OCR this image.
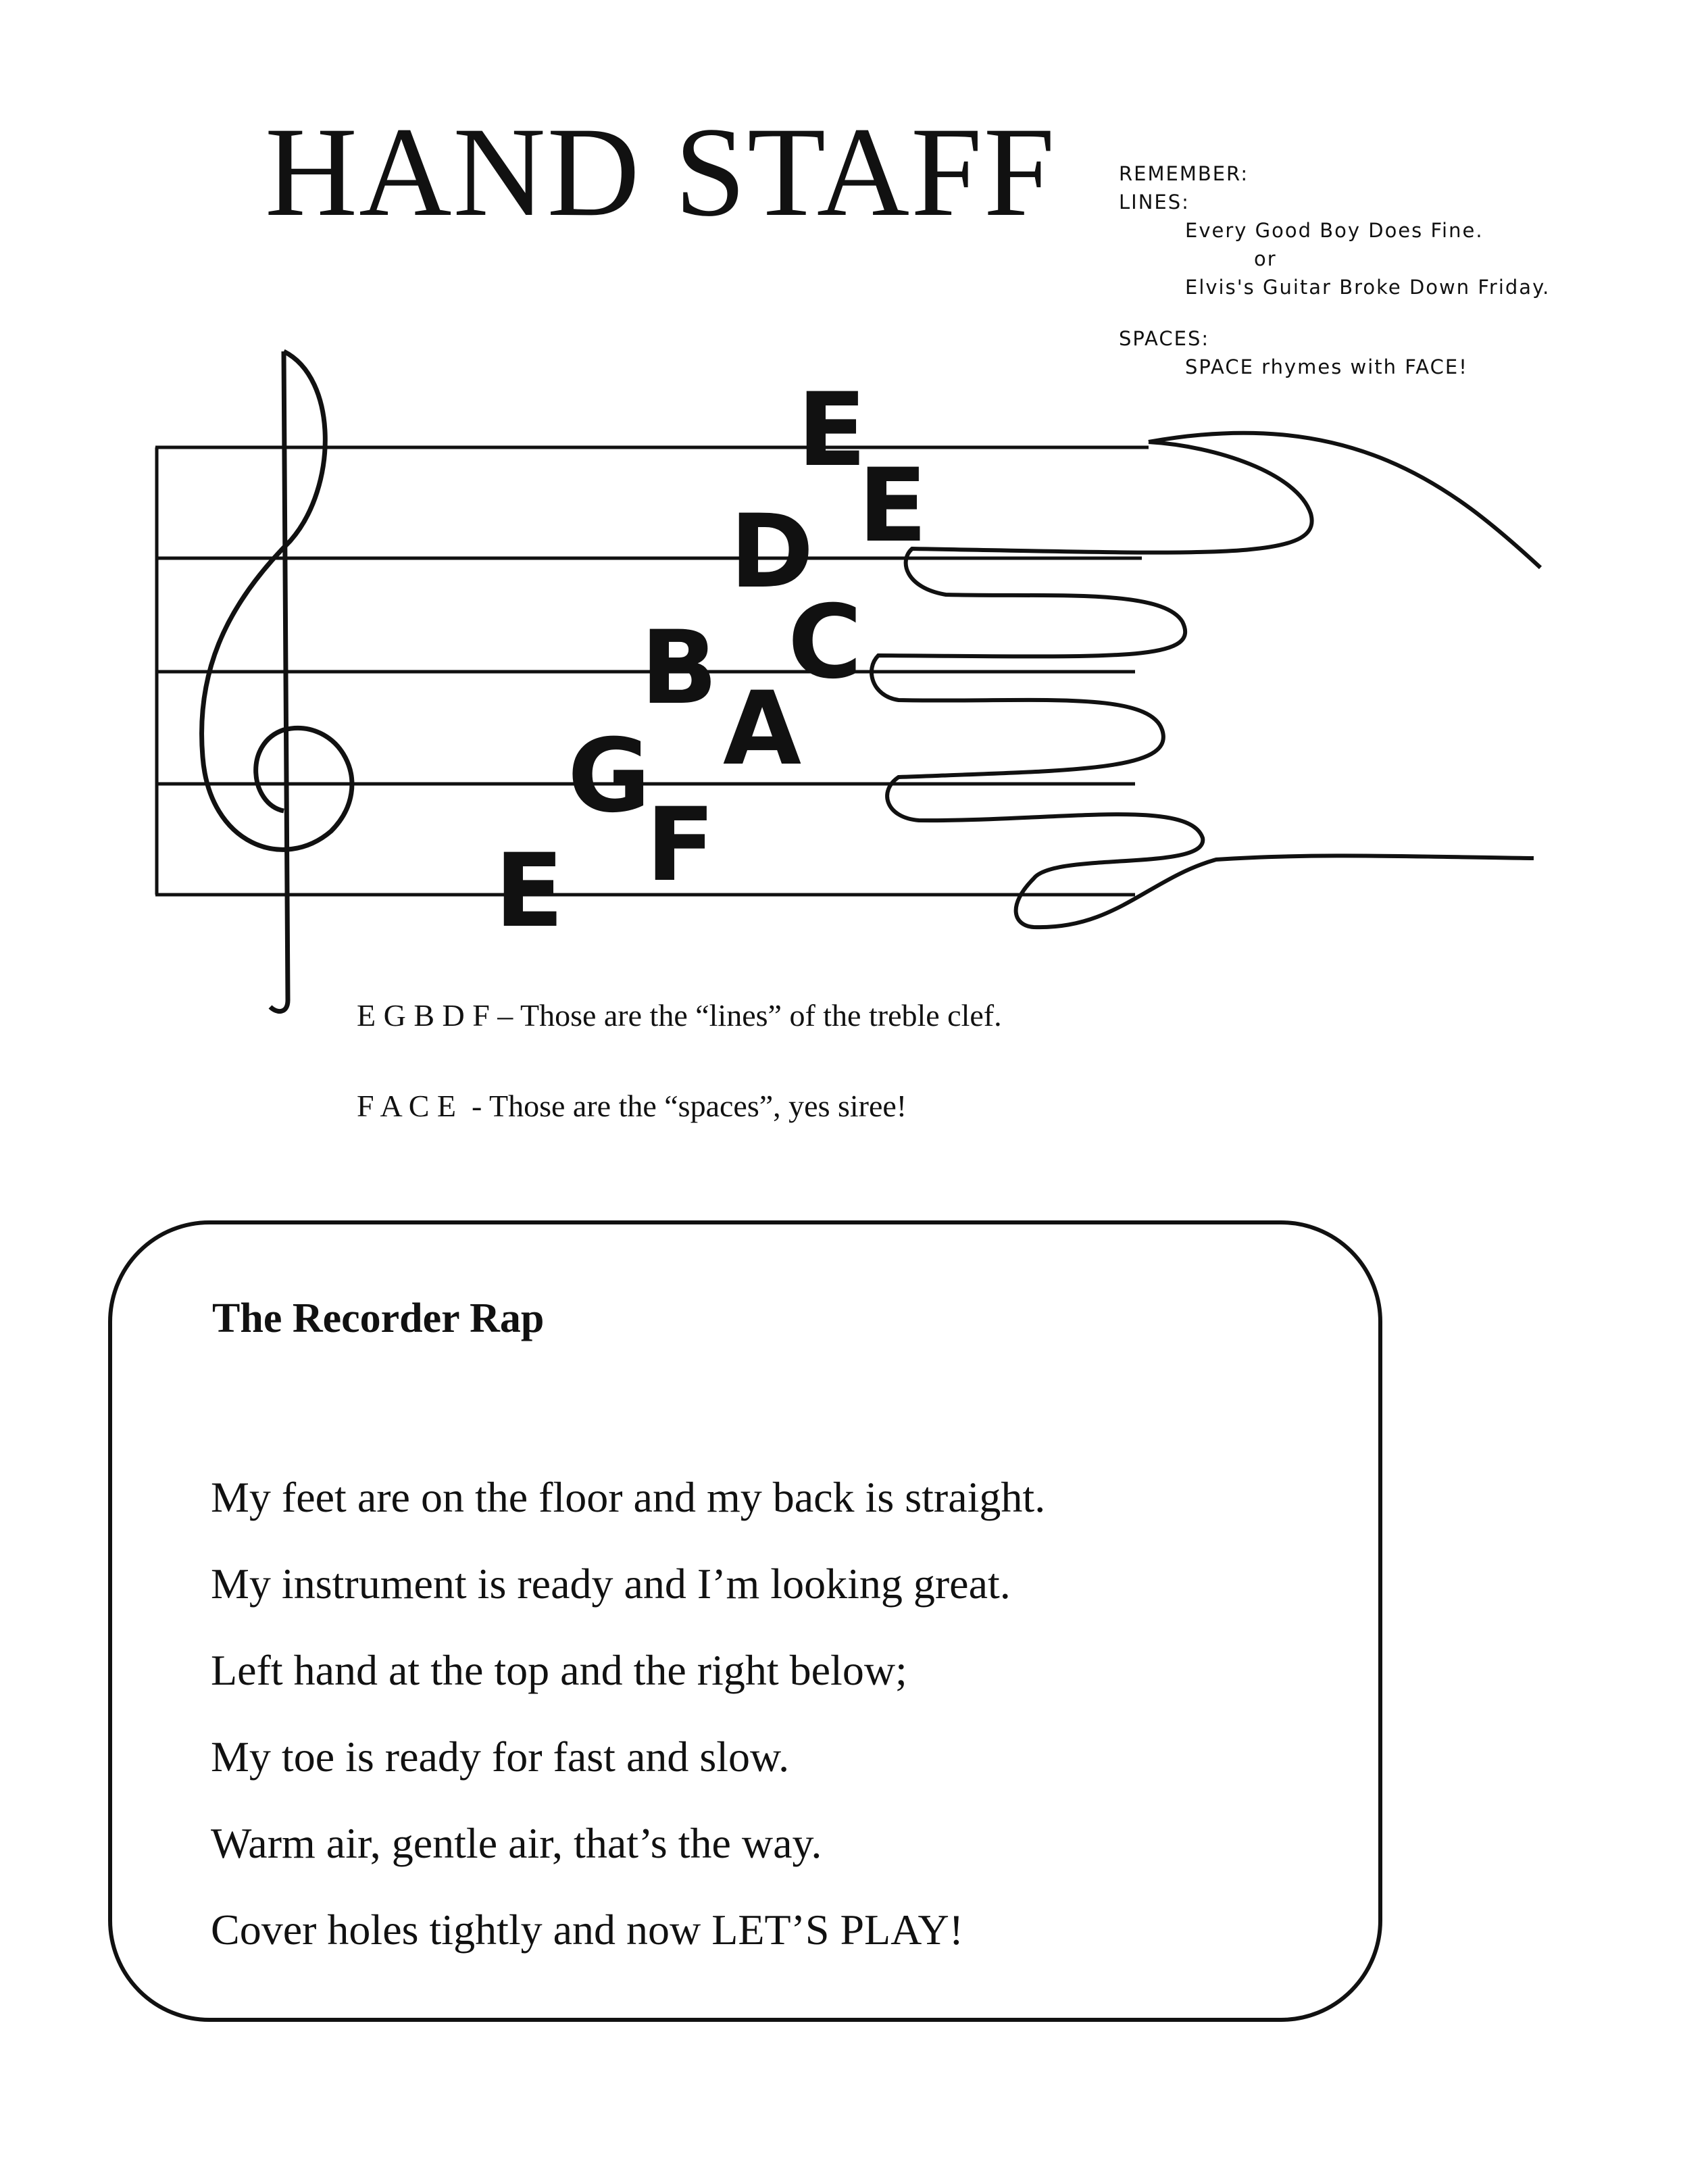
HAND STAFF	REMEMBER:
LINES:
Every Good Boy Does Fine.
or
Elvis's Guitar Broke Down Friday.
SPACES:
SPACE rhymes with FACE!
E
E
C
A
F
D
B
G
E
E G B D F – Those are the “lines” of the treble clef.
F A C E  - Those are the “spaces”, yes siree!
The Recorder Rap
My feet are on the floor and my back is straight.
My instrument is ready and I’m looking great.
Left hand at the top and the right below;
My toe is ready for fast and slow.
Warm air, gentle air, that’s the way.
Cover holes tightly and now LET’S PLAY!
